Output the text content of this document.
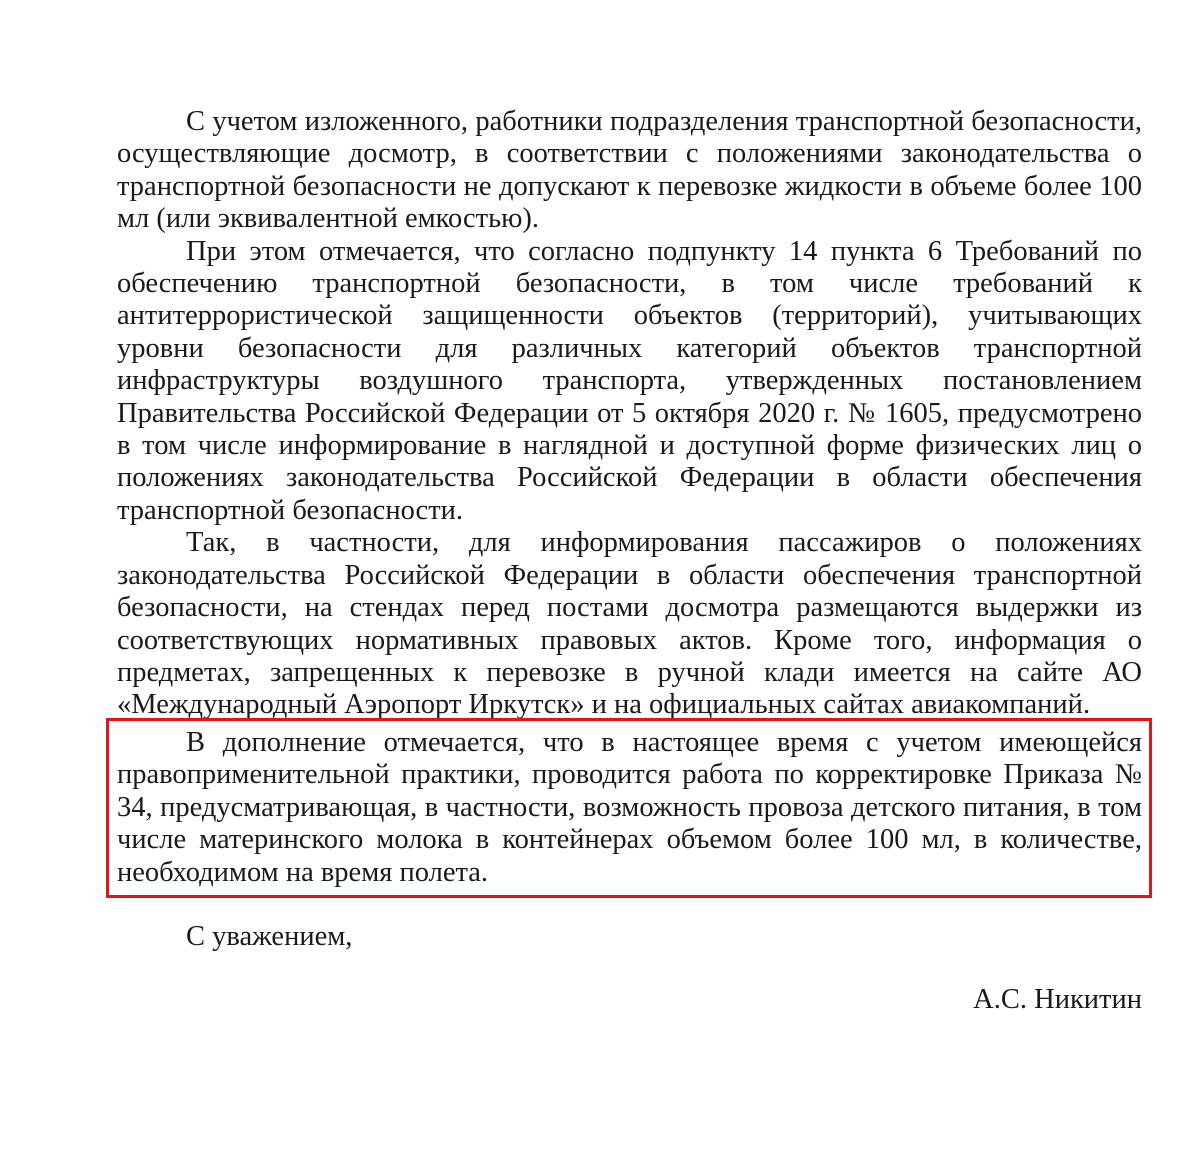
С учетом изложенного, работники подразделения транспортной безопасности, осуществляющие досмотр, в соответствии с положениями законодательства о транспортной безопасности не допускают к перевозке жидкости в объеме более 100 мл (или эквивалентной емкостью).

При этом отмечается, что согласно подпункту 14 пункта 6 Требований по обеспечению транспортной безопасности, в том числе требований к антитеррористической защищенности объектов (территорий), учитывающих уровни безопасности для различных категорий объектов транспортной инфраструктуры воздушного транспорта, утвержденных постановлением Правительства Российской Федерации от 5 октября 2020 г. № 1605, предусмотрено в том числе информирование в наглядной и доступной форме физических лиц о положениях законодательства Российской Федерации в области обеспечения транспортной безопасности.

Так, в частности, для информирования пассажиров о положениях законодательства Российской Федерации в области обеспечения транспортной безопасности, на стендах перед постами досмотра размещаются выдержки из соответствующих нормативных правовых актов. Кроме того, информация о предметах, запрещенных к перевозке в ручной клади имеется на сайте АО «Международный Аэропорт Иркутск» и на официальных сайтах авиакомпаний.

В дополнение отмечается, что в настоящее время с учетом имеющейся правоприменительной практики, проводится работа по корректировке Приказа № 34, предусматривающая, в частности, возможность провоза детского питания, в том числе материнского молока в контейнерах объемом более 100 мл, в количестве, необходимом на время полета.

С уважением,
А.С. Никитин
